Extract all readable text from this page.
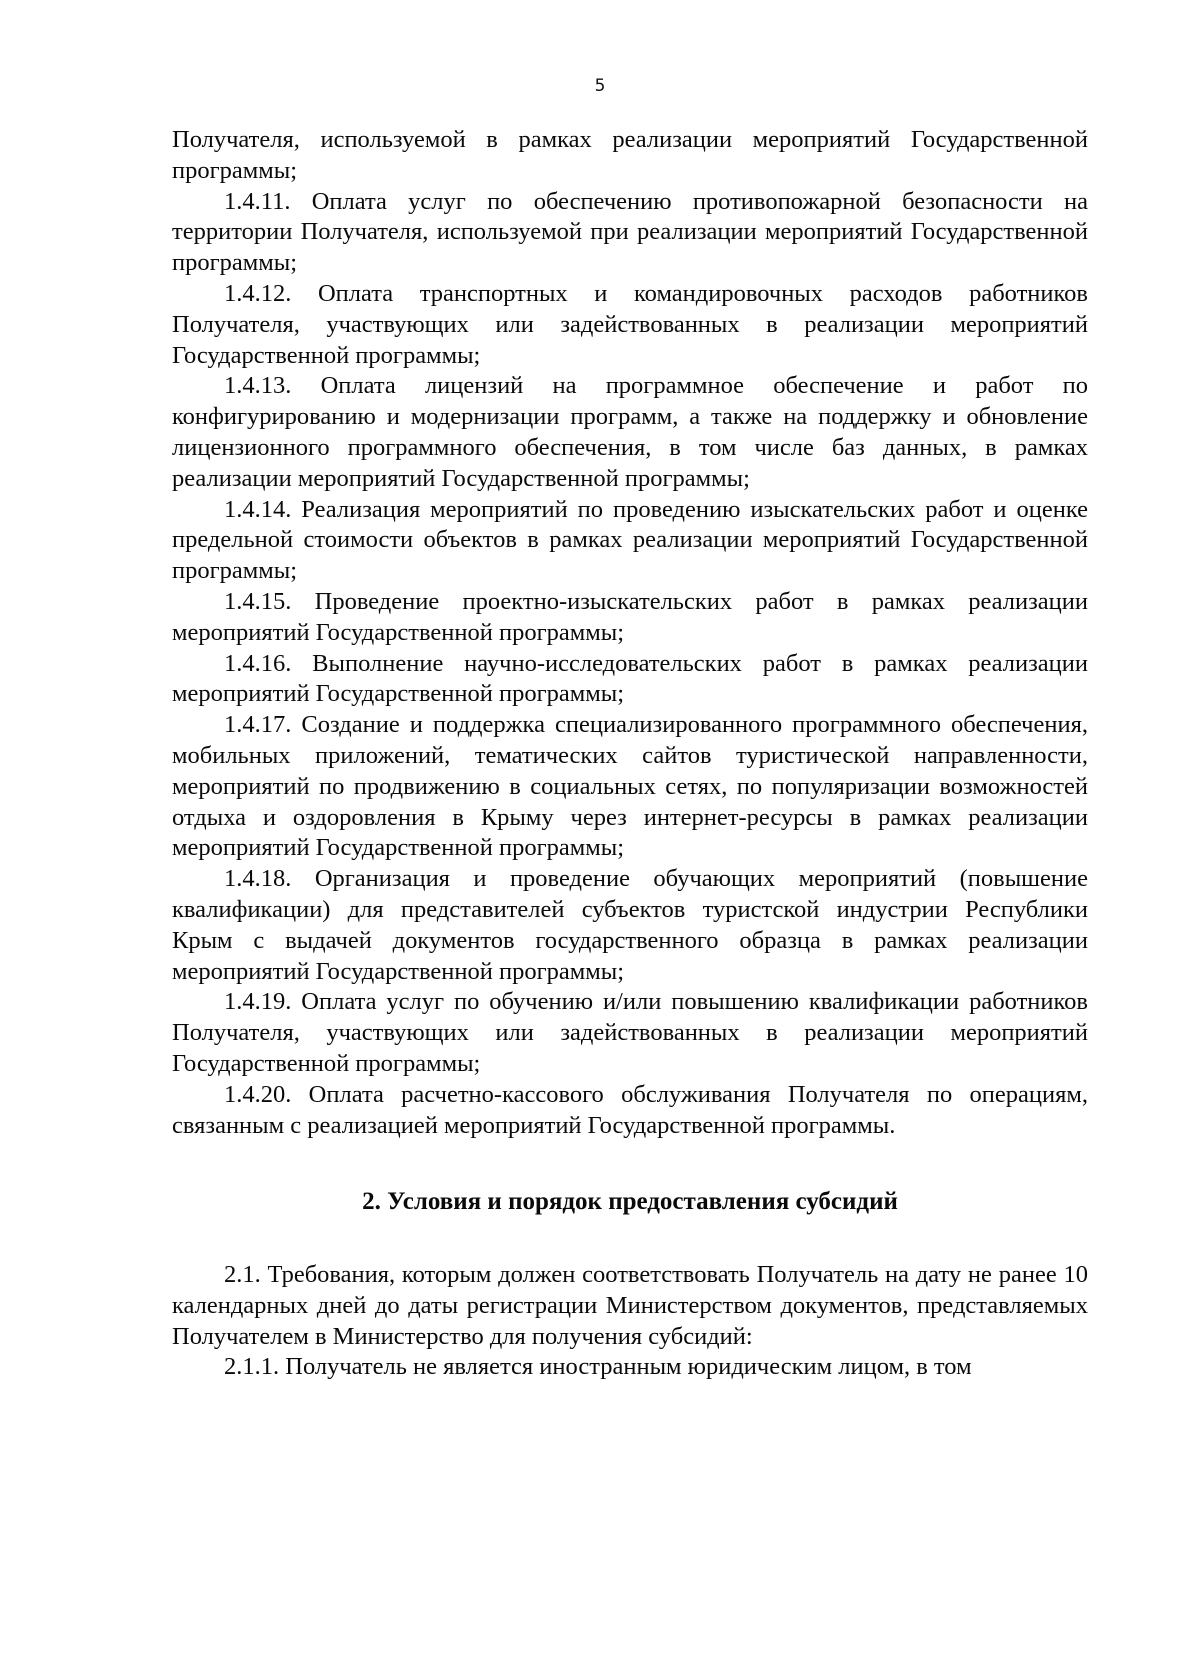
5

Получателя, используемой в рамках реализации мероприятий Государственной программы;

1.4.11. Оплата услуг по обеспечению противопожарной безопасности на территории Получателя, используемой при реализации мероприятий Государственной программы;

1.4.12. Оплата транспортных и командировочных расходов работников Получателя, участвующих или задействованных в реализации мероприятий Государственной программы;

1.4.13. Оплата лицензий на программное обеспечение и работ по конфигурированию и модернизации программ, а также на поддержку и обновление лицензионного программного обеспечения, в том числе баз данных, в рамках реализации мероприятий Государственной программы;

1.4.14. Реализация мероприятий по проведению изыскательских работ и оценке предельной стоимости объектов в рамках реализации мероприятий Государственной программы;

1.4.15. Проведение проектно-изыскательских работ в рамках реализации мероприятий Государственной программы;

1.4.16. Выполнение научно-исследовательских работ в рамках реализации мероприятий Государственной программы;

1.4.17. Создание и поддержка специализированного программного обеспечения, мобильных приложений, тематических сайтов туристической направленности, мероприятий по продвижению в социальных сетях, по популяризации возможностей отдыха и оздоровления в Крыму через интернет-ресурсы в рамках реализации мероприятий Государственной программы;

1.4.18. Организация и проведение обучающих мероприятий (повышение квалификации) для представителей субъектов туристской индустрии Республики Крым с выдачей документов государственного образца в рамках реализации мероприятий Государственной программы;

1.4.19. Оплата услуг по обучению и/или повышению квалификации работников Получателя, участвующих или задействованных в реализации мероприятий Государственной программы;

1.4.20. Оплата расчетно-кассового обслуживания Получателя по операциям, связанным с реализацией мероприятий Государственной программы.

2. Условия и порядок предоставления субсидий

2.1. Требования, которым должен соответствовать Получатель на дату не ранее 10 календарных дней до даты регистрации Министерством документов, представляемых Получателем в Министерство для получения субсидий:

2.1.1. Получатель не является иностранным юридическим лицом, в том
